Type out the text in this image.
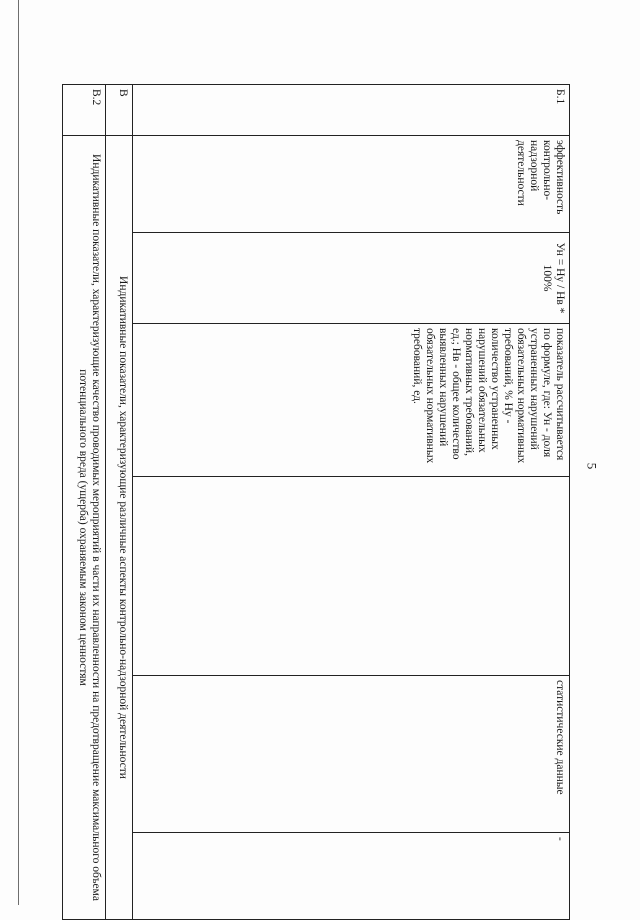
5
Б.1	эффективность контрольно-надзорной деятельности	Ун = Ну / Нв * 100%	показатель рассчитывается по формуле, где: Ун - доля устраненных нарушений обязательных нормативных требований, % Ну - количество устраненных нарушений обязательных нормативных требований, ед.; Нв - общее количество выявленных нарушений обязательных нормативных требований, ед.		статистические данные	-
В	Индикативные показатели, характеризующие различные аспекты контрольно-надзорной деятельности					
В.2	Индикативные показатели, характеризующие качество проводимых мероприятий в части их направленности на предотвращение максимального объема потенциального вреда (ущерба) охраняемым законом ценностям					
